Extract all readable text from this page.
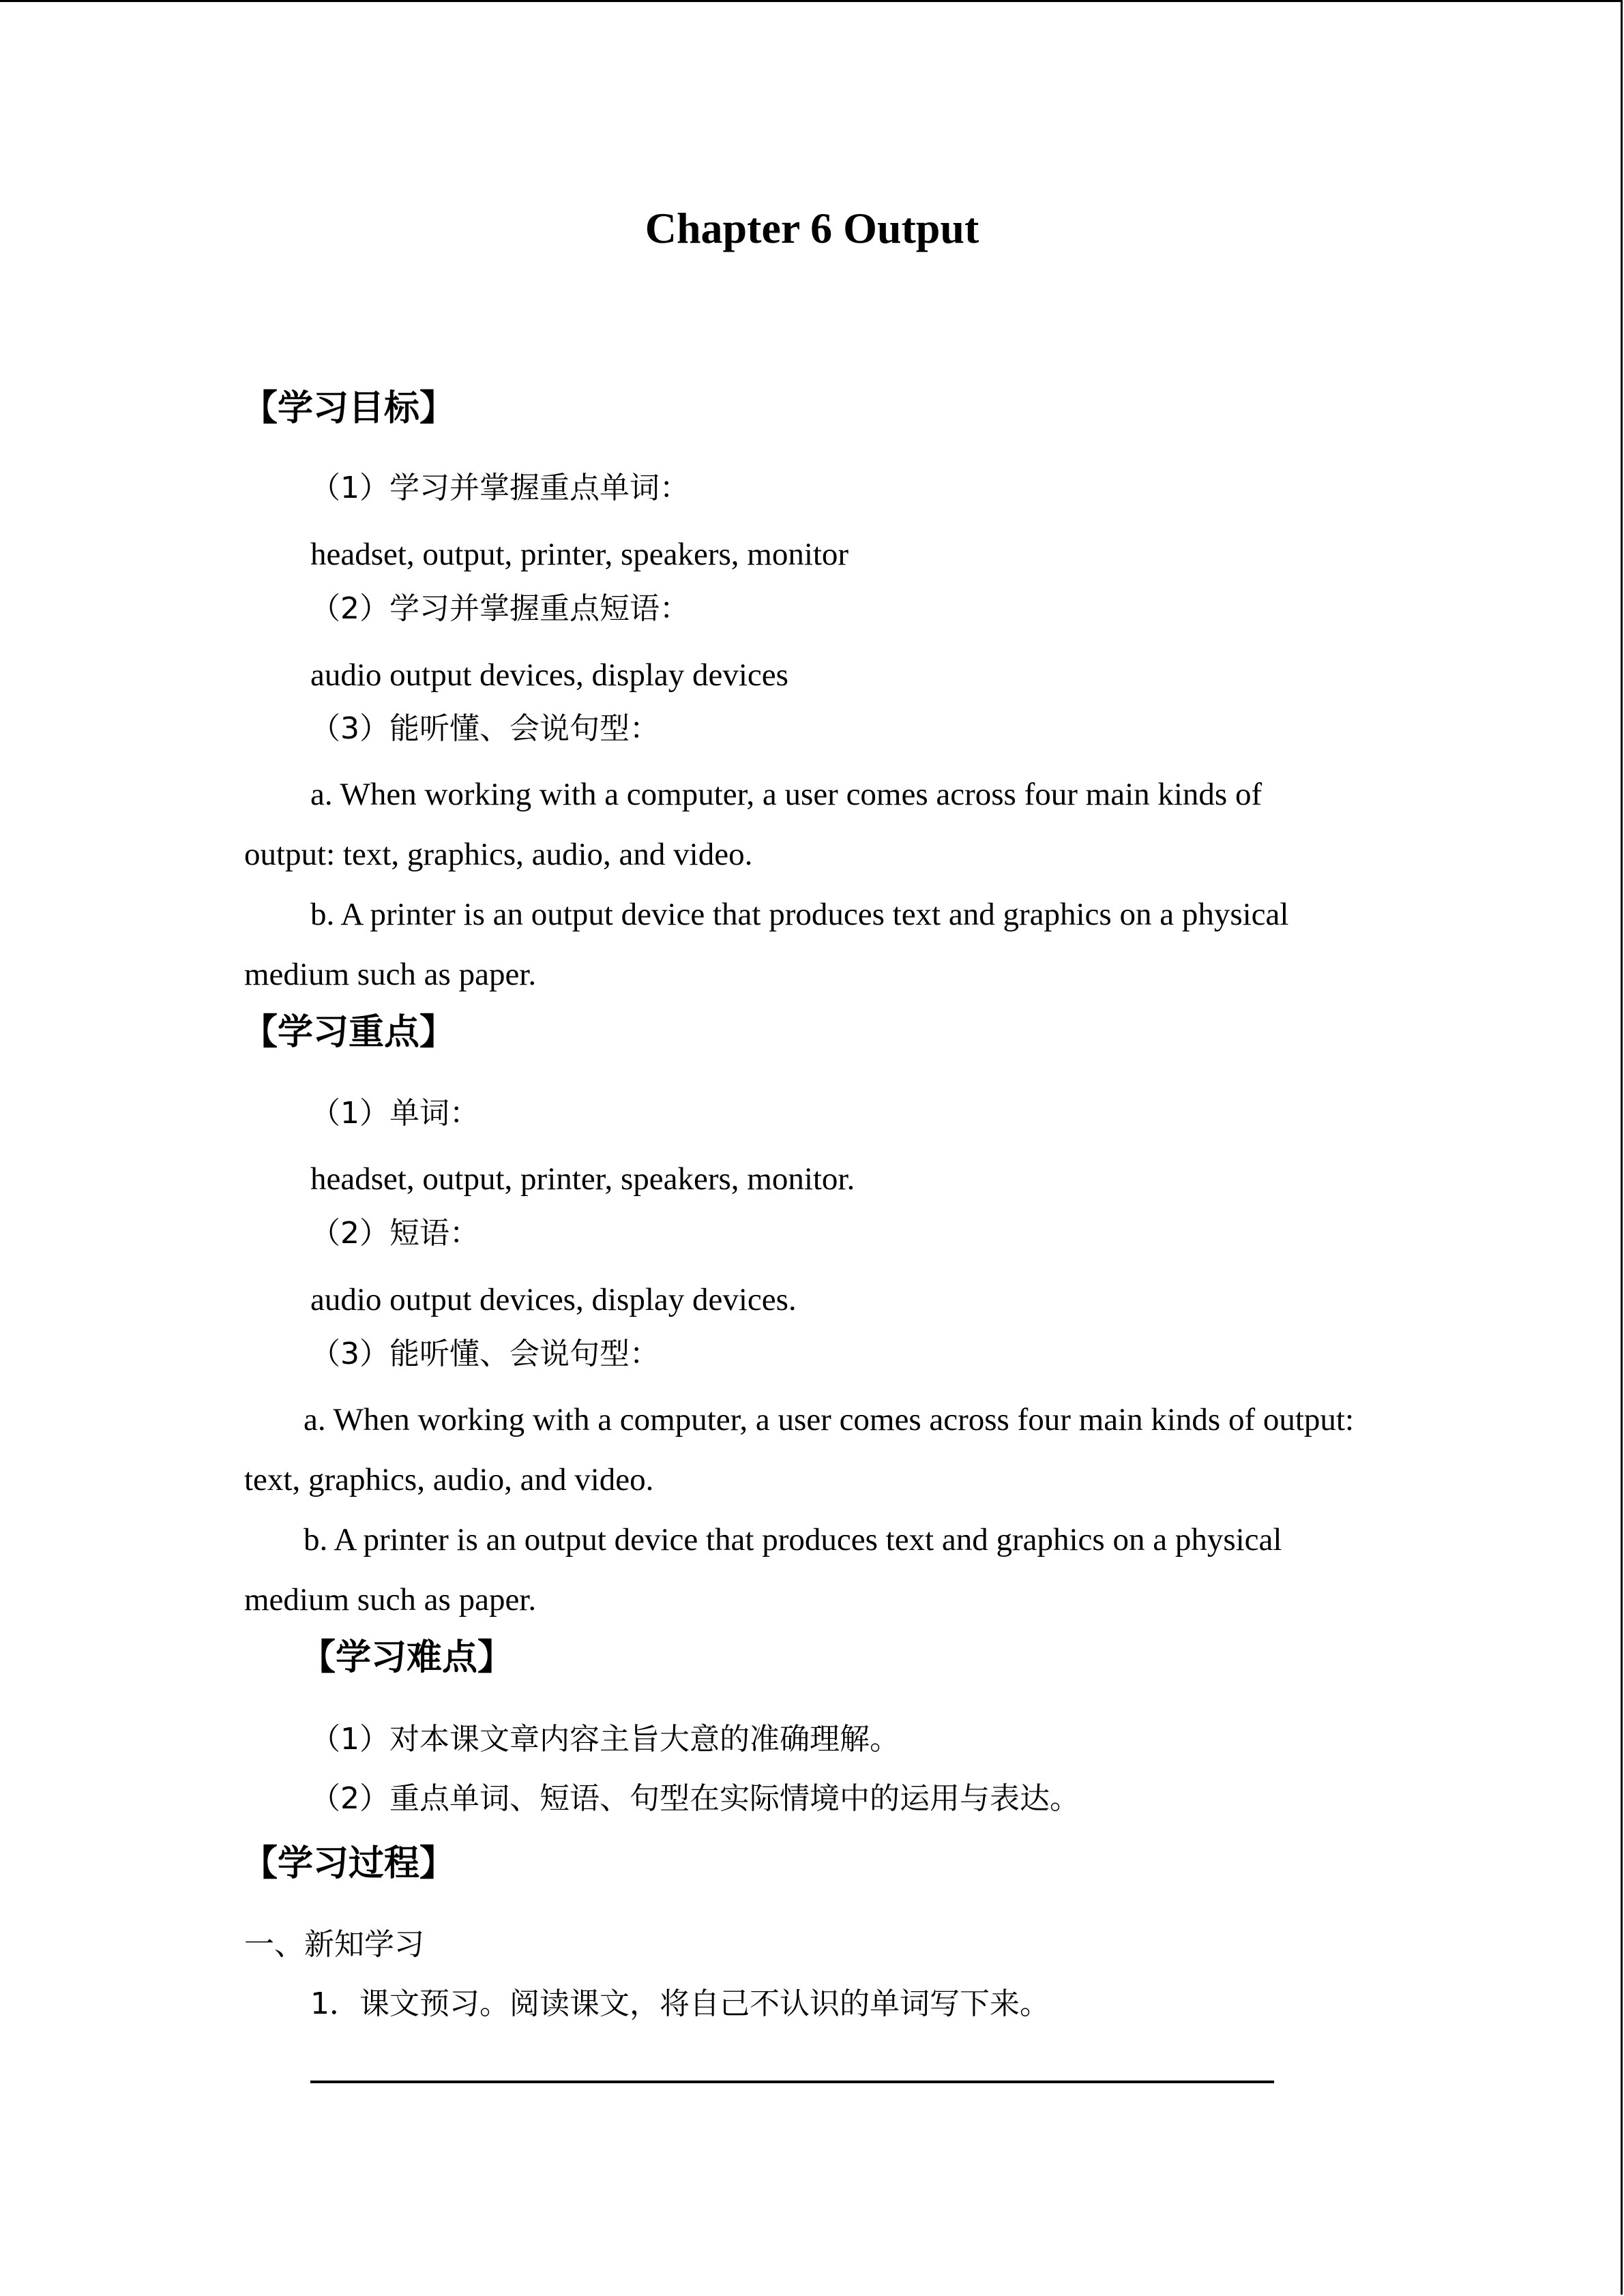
Chapter 6 Output
【学习目标】
（1）学习并掌握重点单词：
headset, output, printer, speakers, monitor
（2）学习并掌握重点短语：
audio output devices, display devices
（3）能听懂、会说句型：
a. When working with a computer, a user comes across four main kinds of
output: text, graphics, audio, and video.
b. A printer is an output device that produces text and graphics on a physical
medium such as paper.
【学习重点】
（1）单词：
headset, output, printer, speakers, monitor.
（2）短语：
audio output devices, display devices.
（3）能听懂、会说句型：
a. When working with a computer, a user comes across four main kinds of output:
text, graphics, audio, and video.
b. A printer is an output device that produces text and graphics on a physical
medium such as paper.
【学习难点】
（1）对本课文章内容主旨大意的准确理解。
（2）重点单词、短语、句型在实际情境中的运用与表达。
【学习过程】
一、新知学习
1．课文预习。阅读课文，将自己不认识的单词写下来。
